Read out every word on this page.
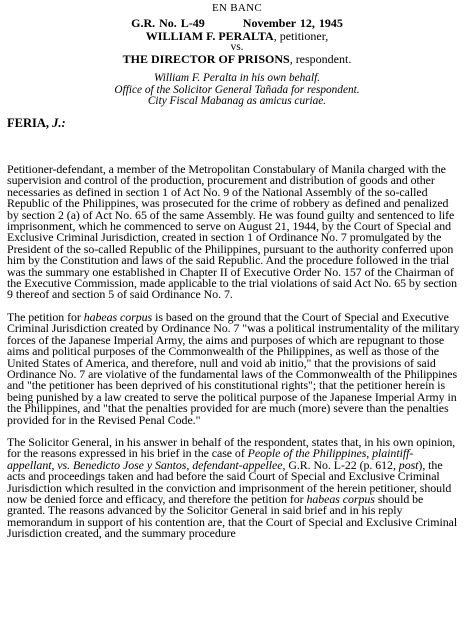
EN BANC
G.R. No. L-49	November 12, 1945
WILLIAM F. PERALTA, petitioner,
vs.
THE DIRECTOR OF PRISONS, respondent.
William F. Peralta in his own behalf.
Office of the Solicitor General Tañada for respondent.
City Fiscal Mabanag as amicus curiae.
FERIA, J.:

Petitioner-defendant, a member of the Metropolitan Constabulary of Manila charged with the supervision and control of the production, procurement and distribution of goods and other necessaries as defined in section 1 of Act No. 9 of the National Assembly of the so-called Republic of the Philippines, was prosecuted for the crime of robbery as defined and penalized by section 2 (a) of Act No. 65 of the same Assembly. He was found guilty and sentenced to life imprisonment, which he commenced to serve on August 21, 1944, by the Court of Special and Exclusive Criminal Jurisdiction, created in section 1 of Ordinance No. 7 promulgated by the President of the so-called Republic of the Philippines, pursuant to the authority conferred upon him by the Constitution and laws of the said Republic. And the procedure followed in the trial was the summary one established in Chapter II of Executive Order No. 157 of the Chairman of the Executive Commission, made applicable to the trial violations of said Act No. 65 by section 9 thereof and section 5 of said Ordinance No. 7.

The petition for habeas corpus is based on the ground that the Court of Special and Executive Criminal Jurisdiction created by Ordinance No. 7 "was a political instrumentality of the military forces of the Japanese Imperial Army, the aims and purposes of which are repugnant to those aims and political purposes of the Commonwealth of the Philippines, as well as those of the United States of America, and therefore, null and void ab initio," that the provisions of said Ordinance No. 7 are violative of the fundamental laws of the Commonwealth of the Philippines and "the petitioner has been deprived of his constitutional rights"; that the petitioner herein is being punished by a law created to serve the political purpose of the Japanese Imperial Army in the Philippines, and "that the penalties provided for are much (more) severe than the penalties provided for in the Revised Penal Code."

The Solicitor General, in his answer in behalf of the respondent, states that, in his own opinion, for the reasons expressed in his brief in the case of People of the Philippines, plaintiff-appellant, vs. Benedicto Jose y Santos, defendant-appellee, G.R. No. L-22 (p. 612, post), the acts and proceedings taken and had before the said Court of Special and Exclusive Criminal Jurisdiction which resulted in the conviction and imprisonment of the herein petitioner, should now be denied force and efficacy, and therefore the petition for habeas corpus should be granted. The reasons advanced by the Solicitor General in said brief and in his reply memorandum in support of his contention are, that the Court of Special and Exclusive Criminal Jurisdiction created, and the summary procedure
